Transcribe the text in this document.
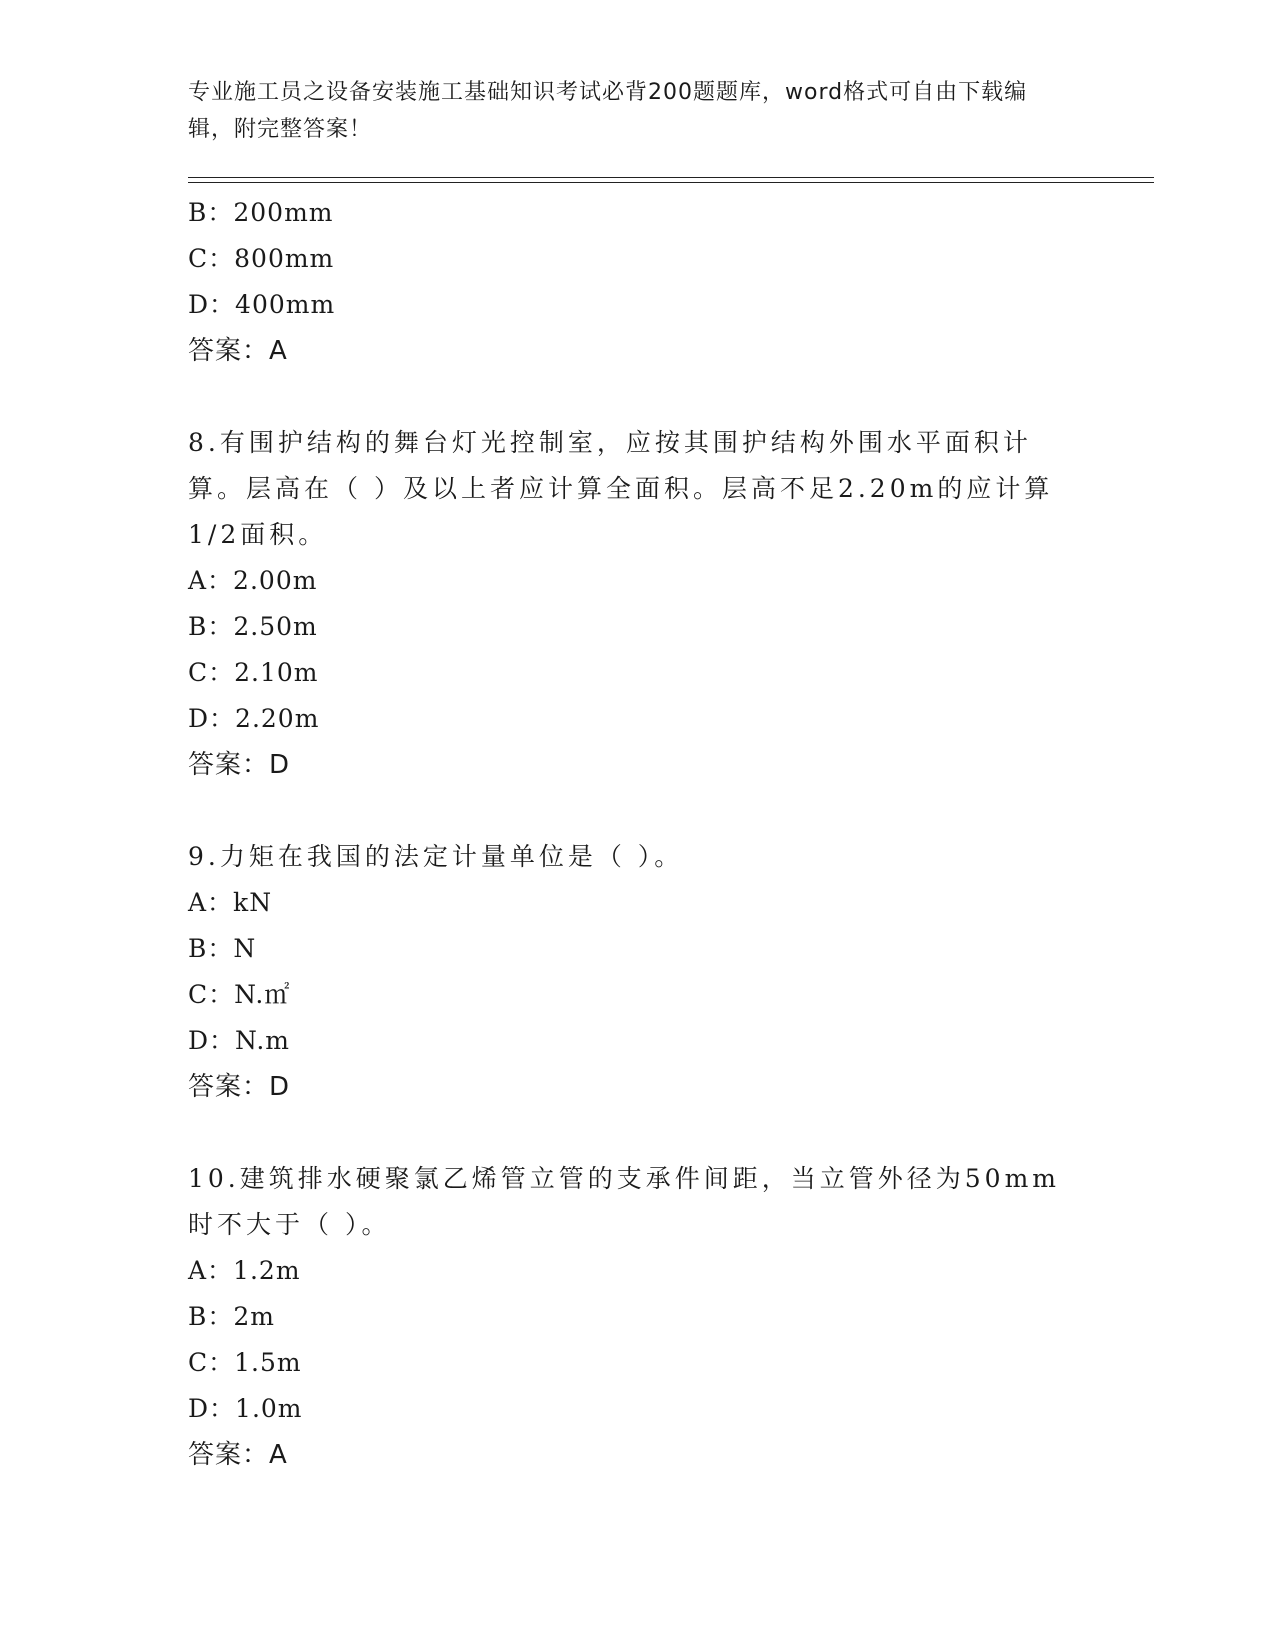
专业施工员之设备安装施工基础知识考试必背200题题库，word格式可自由下载编辑，附完整答案！
B：200mm
C：800mm
D：400mm
答案：A
8.有围护结构的舞台灯光控制室，应按其围护结构外围水平面积计算。层高在（ ）及以上者应计算全面积。层高不足2.20m的应计算1/2面积。
A：2.00m
B：2.50m
C：2.10m
D：2.20m
答案：D
9.力矩在我国的法定计量单位是（ ）。
A：kN
B：N
C：N.㎡
D：N.m
答案：D
10.建筑排水硬聚氯乙烯管立管的支承件间距，当立管外径为50mm时不大于（ ）。
A：1.2m
B：2m
C：1.5m
D：1.0m
答案：A
